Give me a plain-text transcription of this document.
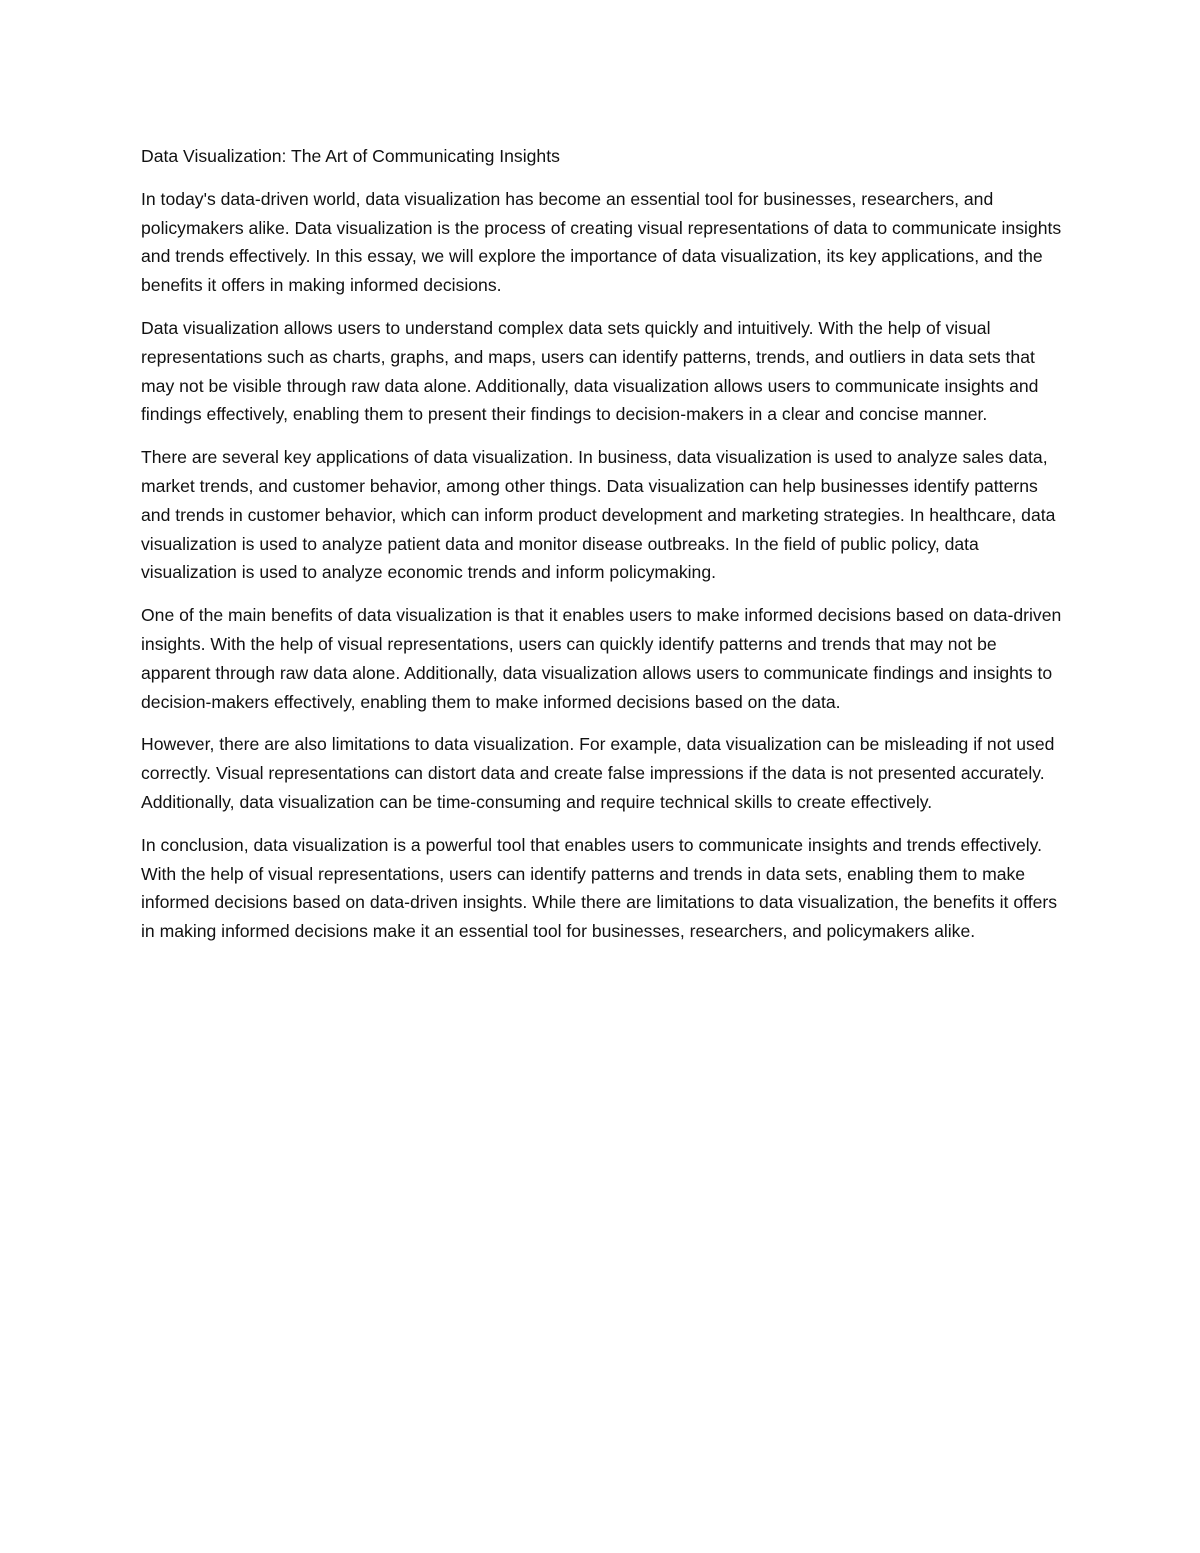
Data Visualization: The Art of Communicating Insights

In today's data-driven world, data visualization has become an essential tool for businesses, researchers, and policymakers alike. Data visualization is the process of creating visual representations of data to communicate insights and trends effectively. In this essay, we will explore the importance of data visualization, its key applications, and the benefits it offers in making informed decisions.

Data visualization allows users to understand complex data sets quickly and intuitively. With the help of visual representations such as charts, graphs, and maps, users can identify patterns, trends, and outliers in data sets that may not be visible through raw data alone. Additionally, data visualization allows users to communicate insights and findings effectively, enabling them to present their findings to decision-makers in a clear and concise manner.

There are several key applications of data visualization. In business, data visualization is used to analyze sales data, market trends, and customer behavior, among other things. Data visualization can help businesses identify patterns and trends in customer behavior, which can inform product development and marketing strategies. In healthcare, data visualization is used to analyze patient data and monitor disease outbreaks. In the field of public policy, data visualization is used to analyze economic trends and inform policymaking.

One of the main benefits of data visualization is that it enables users to make informed decisions based on data-driven insights. With the help of visual representations, users can quickly identify patterns and trends that may not be apparent through raw data alone. Additionally, data visualization allows users to communicate findings and insights to decision-makers effectively, enabling them to make informed decisions based on the data.

However, there are also limitations to data visualization. For example, data visualization can be misleading if not used correctly. Visual representations can distort data and create false impressions if the data is not presented accurately. Additionally, data visualization can be time-consuming and require technical skills to create effectively.

In conclusion, data visualization is a powerful tool that enables users to communicate insights and trends effectively. With the help of visual representations, users can identify patterns and trends in data sets, enabling them to make informed decisions based on data-driven insights. While there are limitations to data visualization, the benefits it offers in making informed decisions make it an essential tool for businesses, researchers, and policymakers alike.
